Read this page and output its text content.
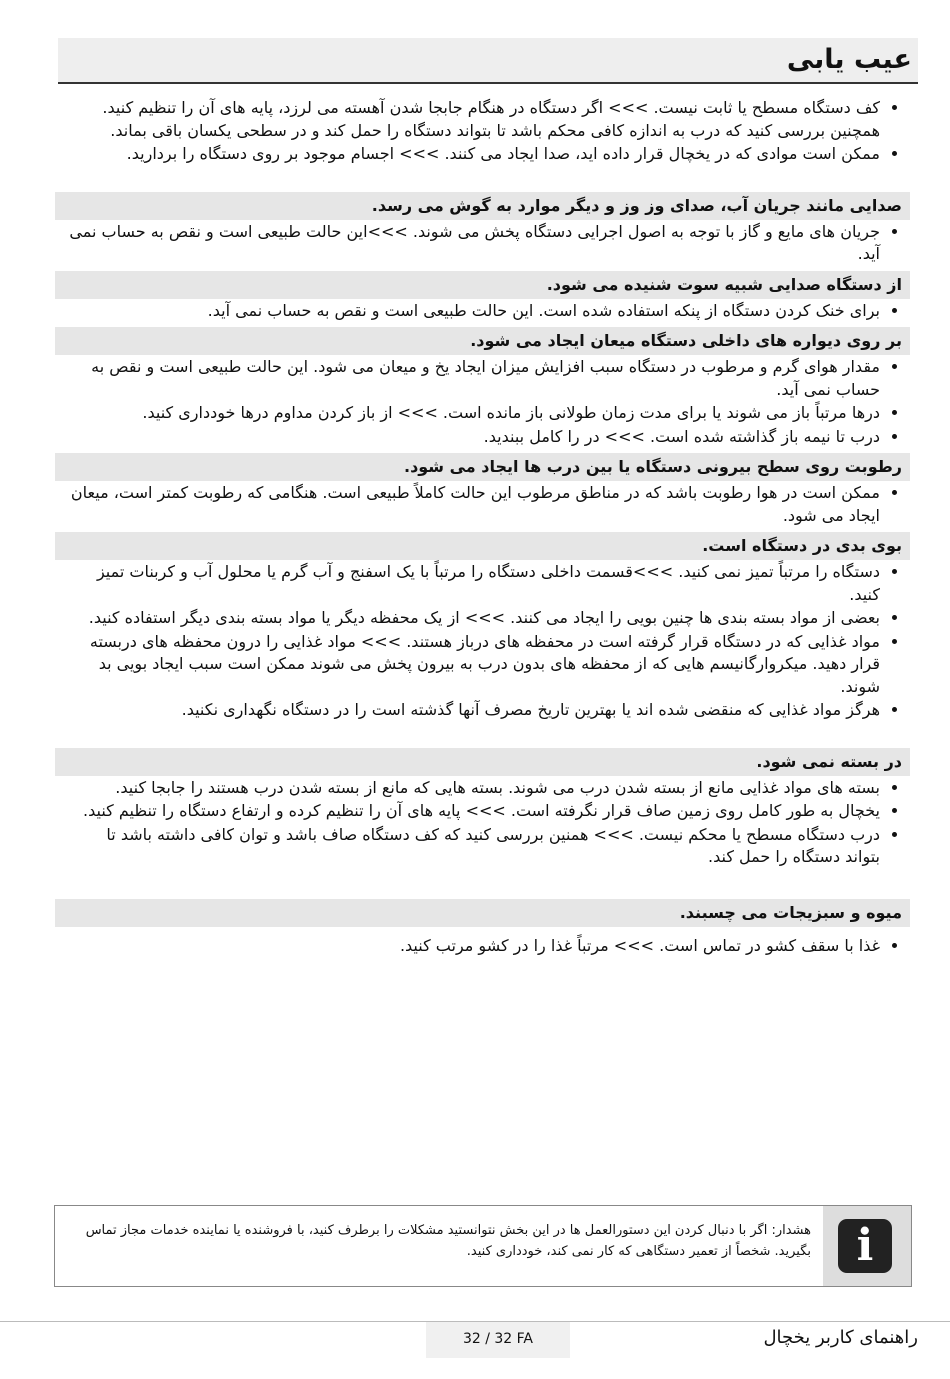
عیب یابی
• کف دستگاه مسطح یا ثابت نیست. >>> اگر دستگاه در هنگام جابجا شدن آهسته می لرزد، پایه های آن را تنظیم کنید. همچنین بررسی کنید که درب به اندازه کافی محکم باشد تا بتواند دستگاه را حمل کند و در سطحی یکسان باقی بماند.
• ممکن است موادی که در یخچال قرار داده اید، صدا ایجاد می کنند. >>> اجسام موجود بر روی دستگاه را بردارید.
صدایی مانند جریان آب، صدای وز وز و دیگر موارد به گوش می رسد.
• جریان های مایع و گاز با توجه به اصول اجرایی دستگاه پخش می شوند. >>>این حالت طبیعی است و نقص به حساب نمی آید.
از دستگاه صدایی شبیه سوت شنیده می شود.
• برای خنک کردن دستگاه از پنکه استفاده شده است. این حالت طبیعی است و نقص به حساب نمی آید.
بر روی دیواره های داخلی دستگاه میعان ایجاد می شود.
• مقدار هوای گرم و مرطوب در دستگاه سبب افزایش میزان ایجاد یخ و میعان می شود. این حالت طبیعی است و نقص به حساب نمی آید.
• درها مرتباً باز می شوند یا برای مدت زمان طولانی باز مانده است. >>> از باز کردن مداوم درها خودداری کنید.
• درب تا نیمه باز گذاشته شده است. >>> در را کامل ببندید.
رطوبت روی سطح بیرونی دستگاه یا بین درب ها ایجاد می شود.
• ممکن است در هوا رطوبت باشد که در مناطق مرطوب این حالت کاملاً طبیعی است. هنگامی که رطوبت کمتر است، میعان ایجاد می شود.
بوی بدی در دستگاه است.
• دستگاه را مرتباً تمیز نمی کنید. >>>قسمت داخلی دستگاه را مرتباً با یک اسفنج و آب گرم یا محلول آب و کربنات تمیز کنید.
• بعضی از مواد بسته بندی ها چنین بویی را ایجاد می کنند. >>> از یک محفظه دیگر یا مواد بسته بندی دیگر استفاده کنید.
• مواد غذایی که در دستگاه قرار گرفته است در محفظه های درباز هستند. >>> مواد غذایی را درون محفظه های دربسته قرار دهید. میکروارگانیسم هایی که از محفظه های بدون درب به بیرون پخش می شوند ممکن است سبب ایجاد بویی بد شوند.
• هرگز مواد غذایی که منقضی شده اند یا بهترین تاریخ مصرف آنها گذشته است را در دستگاه نگهداری نکنید.
در بسته نمی شود.
• بسته های مواد غذایی مانع از بسته شدن درب می شوند. بسته هایی که مانع از بسته شدن درب هستند را جابجا کنید.
• یخچال به طور کامل روی زمین صاف قرار نگرفته است. >>> پایه های آن را تنظیم کرده و ارتفاع دستگاه را تنظیم کنید.
• درب دستگاه مسطح یا محکم نیست. >>> همنین بررسی کنید که کف دستگاه صاف باشد و توان کافی داشته باشد تا بتواند دستگاه را حمل کند.
میوه و سبزیجات می چسبند.
• غذا با سقف کشو در تماس است. >>> مرتباً غذا را در کشو مرتب کنید.
i

هشدار: اگر با دنبال کردن این دستورالعمل ها در این بخش نتوانستید مشکلات را برطرف کنید، با فروشنده یا نماینده خدمات مجاز تماس بگیرید. شخصاً از تعمیر دستگاهی که کار نمی کند، خودداری کنید.

32 / 32 FA	راهنمای کاربر یخچال
